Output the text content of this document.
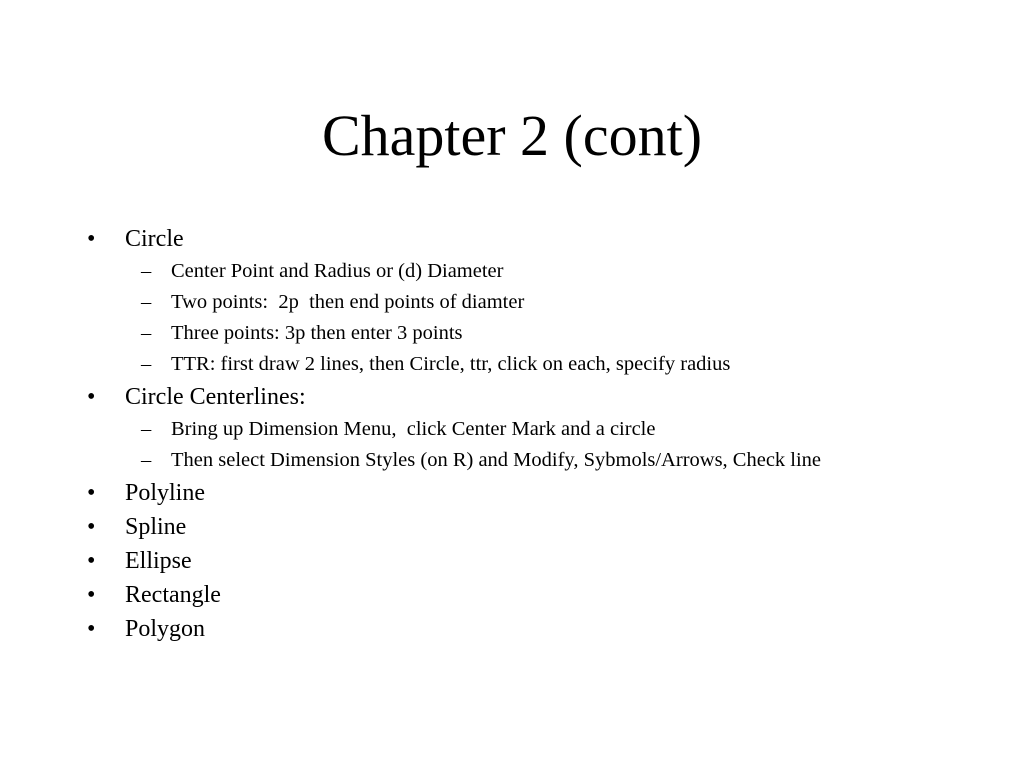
Chapter 2 (cont)
•	Circle
– Center Point and Radius or (d) Diameter
– Two points:  2p  then end points of diamter
– Three points: 3p then enter 3 points
– TTR: first draw 2 lines, then Circle, ttr, click on each, specify radius
•	Circle Centerlines:
– Bring up Dimension Menu,  click Center Mark and a circle
– Then select Dimension Styles (on R) and Modify, Sybmols/Arrows, Check line
•	Polyline
•	Spline
•	Ellipse
•	Rectangle
•	Polygon
